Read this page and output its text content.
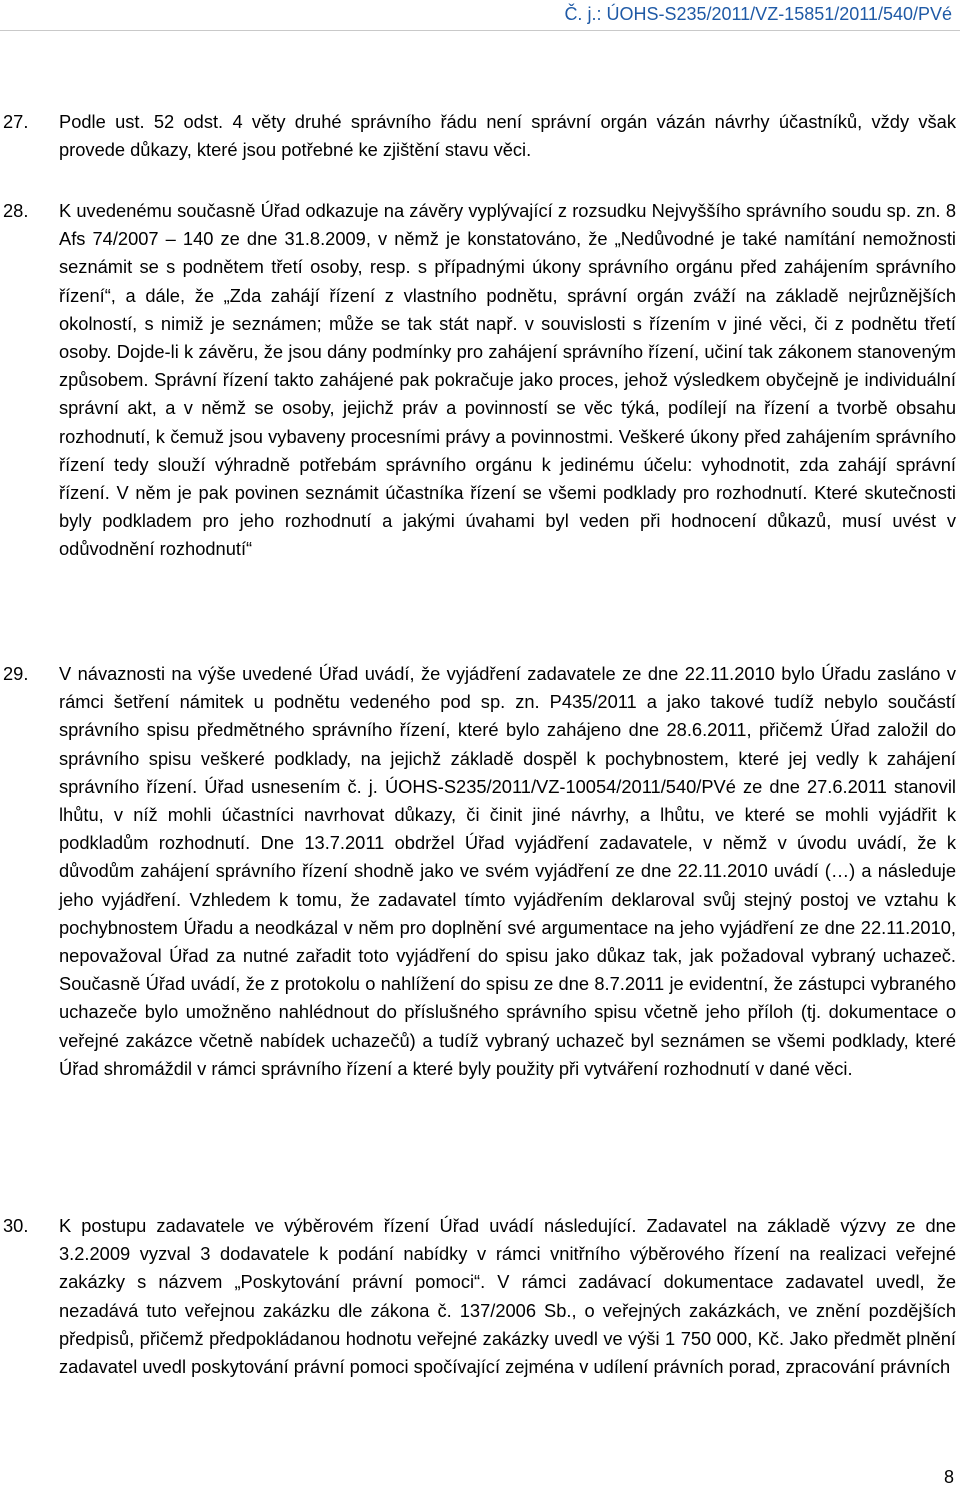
Č. j.: ÚOHS-S235/2011/VZ-15851/2011/540/PVé
27. Podle ust. 52 odst. 4 věty druhé správního řádu není správní orgán vázán návrhy účastníků, vždy však provede důkazy, které jsou potřebné ke zjištění stavu věci.
28. K uvedenému současně Úřad odkazuje na závěry vyplývající z rozsudku Nejvyššího správního soudu sp. zn. 8 Afs 74/2007 – 140 ze dne 31.8.2009, v němž je konstatováno, že „Nedůvodné je také namítání nemožnosti seznámit se s podnětem třetí osoby, resp. s případnými úkony správního orgánu před zahájením správního řízení“, a dále, že „Zda zahájí řízení z vlastního podnětu, správní orgán zváží na základě nejrůznějších okolností, s nimiž je seznámen; může se tak stát např. v souvislosti s řízením v jiné věci, či z podnětu třetí osoby. Dojde-li k závěru, že jsou dány podmínky pro zahájení správního řízení, učiní tak zákonem stanoveným způsobem. Správní řízení takto zahájené pak pokračuje jako proces, jehož výsledkem obyčejně je individuální správní akt, a v němž se osoby, jejichž práv a povinností se věc týká, podílejí na řízení a tvorbě obsahu rozhodnutí, k čemuž jsou vybaveny procesními právy a povinnostmi. Veškeré úkony před zahájením správního řízení tedy slouží výhradně potřebám správního orgánu k jedinému účelu: vyhodnotit, zda zahájí správní řízení. V něm je pak povinen seznámit účastníka řízení se všemi podklady pro rozhodnutí. Které skutečnosti byly podkladem pro jeho rozhodnutí a jakými úvahami byl veden při hodnocení důkazů, musí uvést v odůvodnění rozhodnutí“
29. V návaznosti na výše uvedené Úřad uvádí, že vyjádření zadavatele ze dne 22.11.2010 bylo Úřadu zasláno v rámci šetření námitek u podnětu vedeného pod sp. zn. P435/2011 a jako takové tudíž nebylo součástí správního spisu předmětného správního řízení, které bylo zahájeno dne 28.6.2011, přičemž Úřad založil do správního spisu veškeré podklady, na jejichž základě dospěl k pochybnostem, které jej vedly k zahájení správního řízení. Úřad usnesením č. j. ÚOHS-S235/2011/VZ-10054/2011/540/PVé ze dne 27.6.2011 stanovil lhůtu, v níž mohli účastníci navrhovat důkazy, či činit jiné návrhy, a lhůtu, ve které se mohli vyjádřit k podkladům rozhodnutí. Dne 13.7.2011 obdržel Úřad vyjádření zadavatele, v němž v úvodu uvádí, že k důvodům zahájení správního řízení shodně jako ve svém vyjádření ze dne 22.11.2010 uvádí (…) a následuje jeho vyjádření. Vzhledem k tomu, že zadavatel tímto vyjádřením deklaroval svůj stejný postoj ve vztahu k pochybnostem Úřadu a neodkázal v něm pro doplnění své argumentace na jeho vyjádření ze dne 22.11.2010, nepovažoval Úřad za nutné zařadit toto vyjádření do spisu jako důkaz tak, jak požadoval vybraný uchazeč. Současně Úřad uvádí, že z protokolu o nahlížení do spisu ze dne 8.7.2011 je evidentní, že zástupci vybraného uchazeče bylo umožněno nahlédnout do příslušného správního spisu včetně jeho příloh (tj. dokumentace o veřejné zakázce včetně nabídek uchazečů) a tudíž vybraný uchazeč byl seznámen se všemi podklady, které Úřad shromáždil v rámci správního řízení a které byly použity při vytváření rozhodnutí v dané věci.
30. K postupu zadavatele ve výběrovém řízení Úřad uvádí následující. Zadavatel na základě výzvy ze dne 3.2.2009 vyzval 3 dodavatele k podání nabídky v rámci vnitřního výběrového řízení na realizaci veřejné zakázky s názvem „Poskytování právní pomoci“. V rámci zadávací dokumentace zadavatel uvedl, že nezadává tuto veřejnou zakázku dle zákona č. 137/2006 Sb., o veřejných zakázkách, ve znění pozdějších předpisů, přičemž předpokládanou hodnotu veřejné zakázky uvedl ve výši 1 750 000, Kč. Jako předmět plnění zadavatel uvedl poskytování právní pomoci spočívající zejména v udílení právních porad, zpracování právních
8
